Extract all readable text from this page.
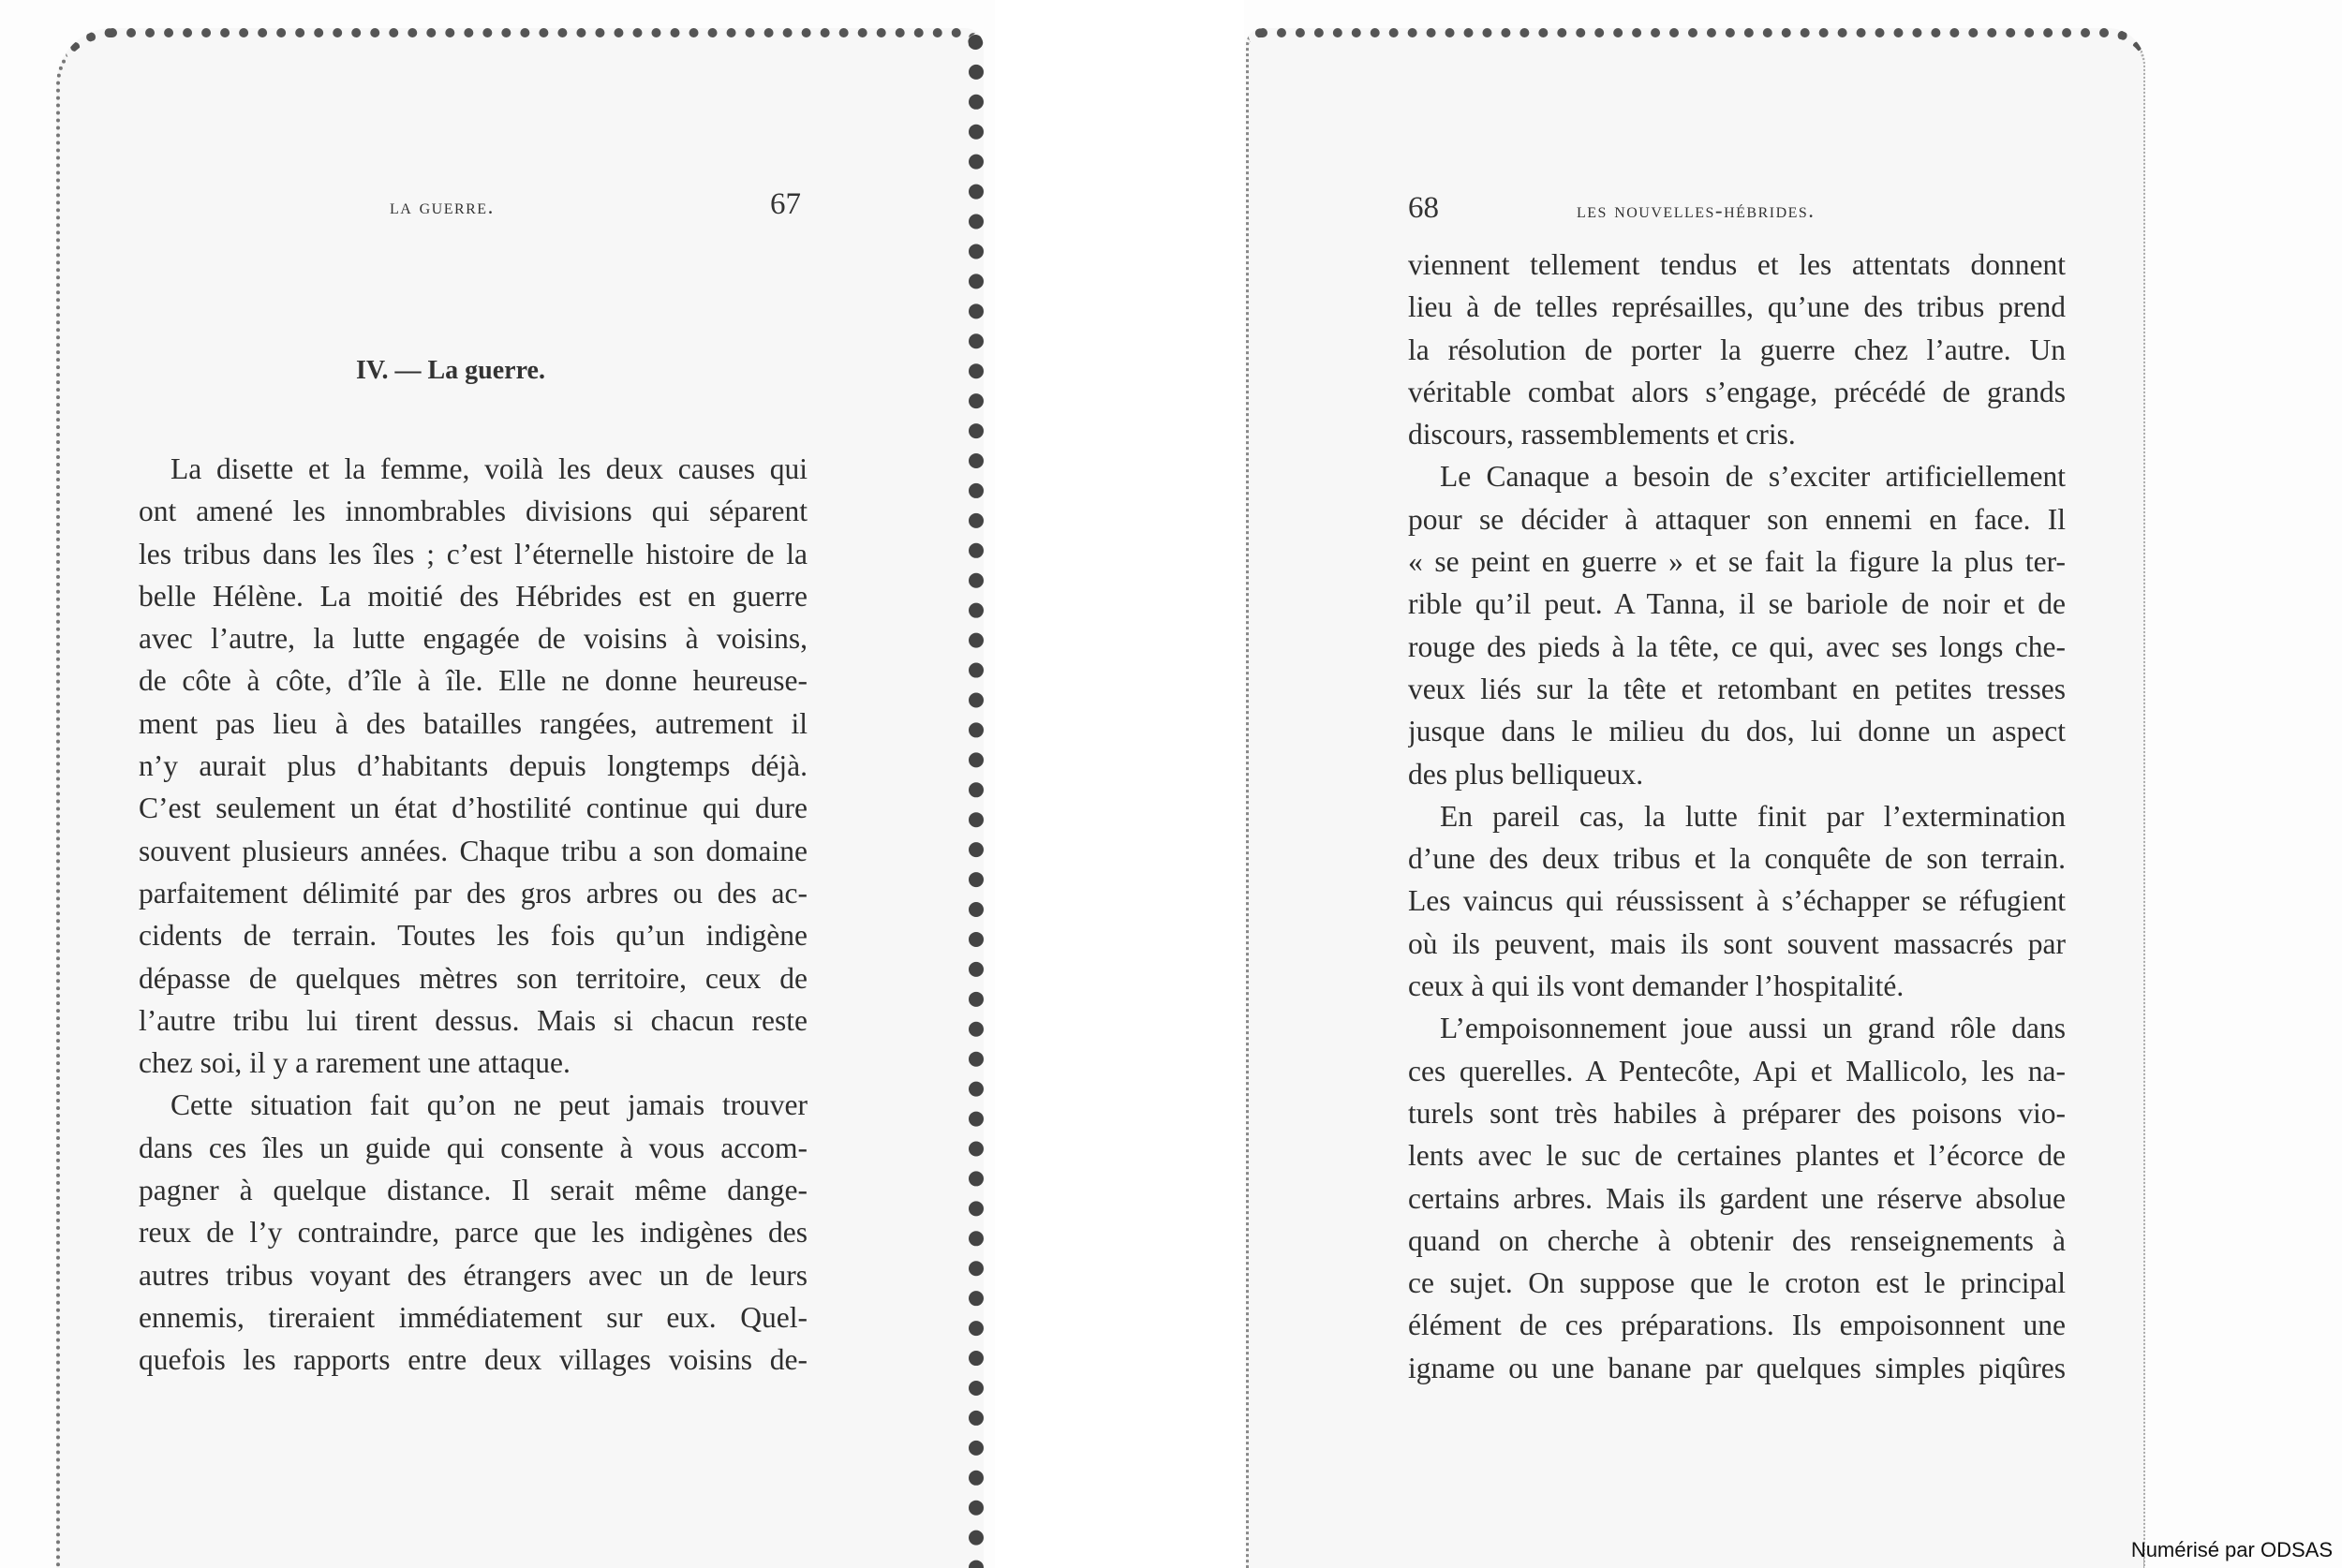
la guerre.	67
IV. — La guerre.
La disette et la femme, voilà les deux causes qui
ont amené les innombrables divisions qui séparent
les tribus dans les îles ; c’est l’éternelle histoire de la
belle Hélène. La moitié des Hébrides est en guerre
avec l’autre, la lutte engagée de voisins à voisins,
de côte à côte, d’île à île. Elle ne donne heureuse-
ment pas lieu à des batailles rangées, autrement il
n’y aurait plus d’habitants depuis longtemps déjà.
C’est seulement un état d’hostilité continue qui dure
souvent plusieurs années. Chaque tribu a son domaine
parfaitement délimité par des gros arbres ou des ac-
cidents de terrain. Toutes les fois qu’un indigène
dépasse de quelques mètres son territoire, ceux de
l’autre tribu lui tirent dessus. Mais si chacun reste
chez soi, il y a rarement une attaque.
Cette situation fait qu’on ne peut jamais trouver
dans ces îles un guide qui consente à vous accom-
pagner à quelque distance. Il serait même dange-
reux de l’y contraindre, parce que les indigènes des
autres tribus voyant des étrangers avec un de leurs
ennemis, tireraient immédiatement sur eux. Quel-
quefois les rapports entre deux villages voisins de-
68	les nouvelles-hébrides.
viennent tellement tendus et les attentats donnent
lieu à de telles représailles, qu’une des tribus prend
la résolution de porter la guerre chez l’autre. Un
véritable combat alors s’engage, précédé de grands
discours, rassemblements et cris.
Le Canaque a besoin de s’exciter artificiellement
pour se décider à attaquer son ennemi en face. Il
« se peint en guerre » et se fait la figure la plus ter-
rible qu’il peut. A Tanna, il se bariole de noir et de
rouge des pieds à la tête, ce qui, avec ses longs che-
veux liés sur la tête et retombant en petites tresses
jusque dans le milieu du dos, lui donne un aspect
des plus belliqueux.
En pareil cas, la lutte finit par l’extermination
d’une des deux tribus et la conquête de son terrain.
Les vaincus qui réussissent à s’échapper se réfugient
où ils peuvent, mais ils sont souvent massacrés par
ceux à qui ils vont demander l’hospitalité.
L’empoisonnement joue aussi un grand rôle dans
ces querelles. A Pentecôte, Api et Mallicolo, les na-
turels sont très habiles à préparer des poisons vio-
lents avec le suc de certaines plantes et l’écorce de
certains arbres. Mais ils gardent une réserve absolue
quand on cherche à obtenir des renseignements à
ce sujet. On suppose que le croton est le principal
élément de ces préparations. Ils empoisonnent une
igname ou une banane par quelques simples piqûres
Numérisé par ODSAS
